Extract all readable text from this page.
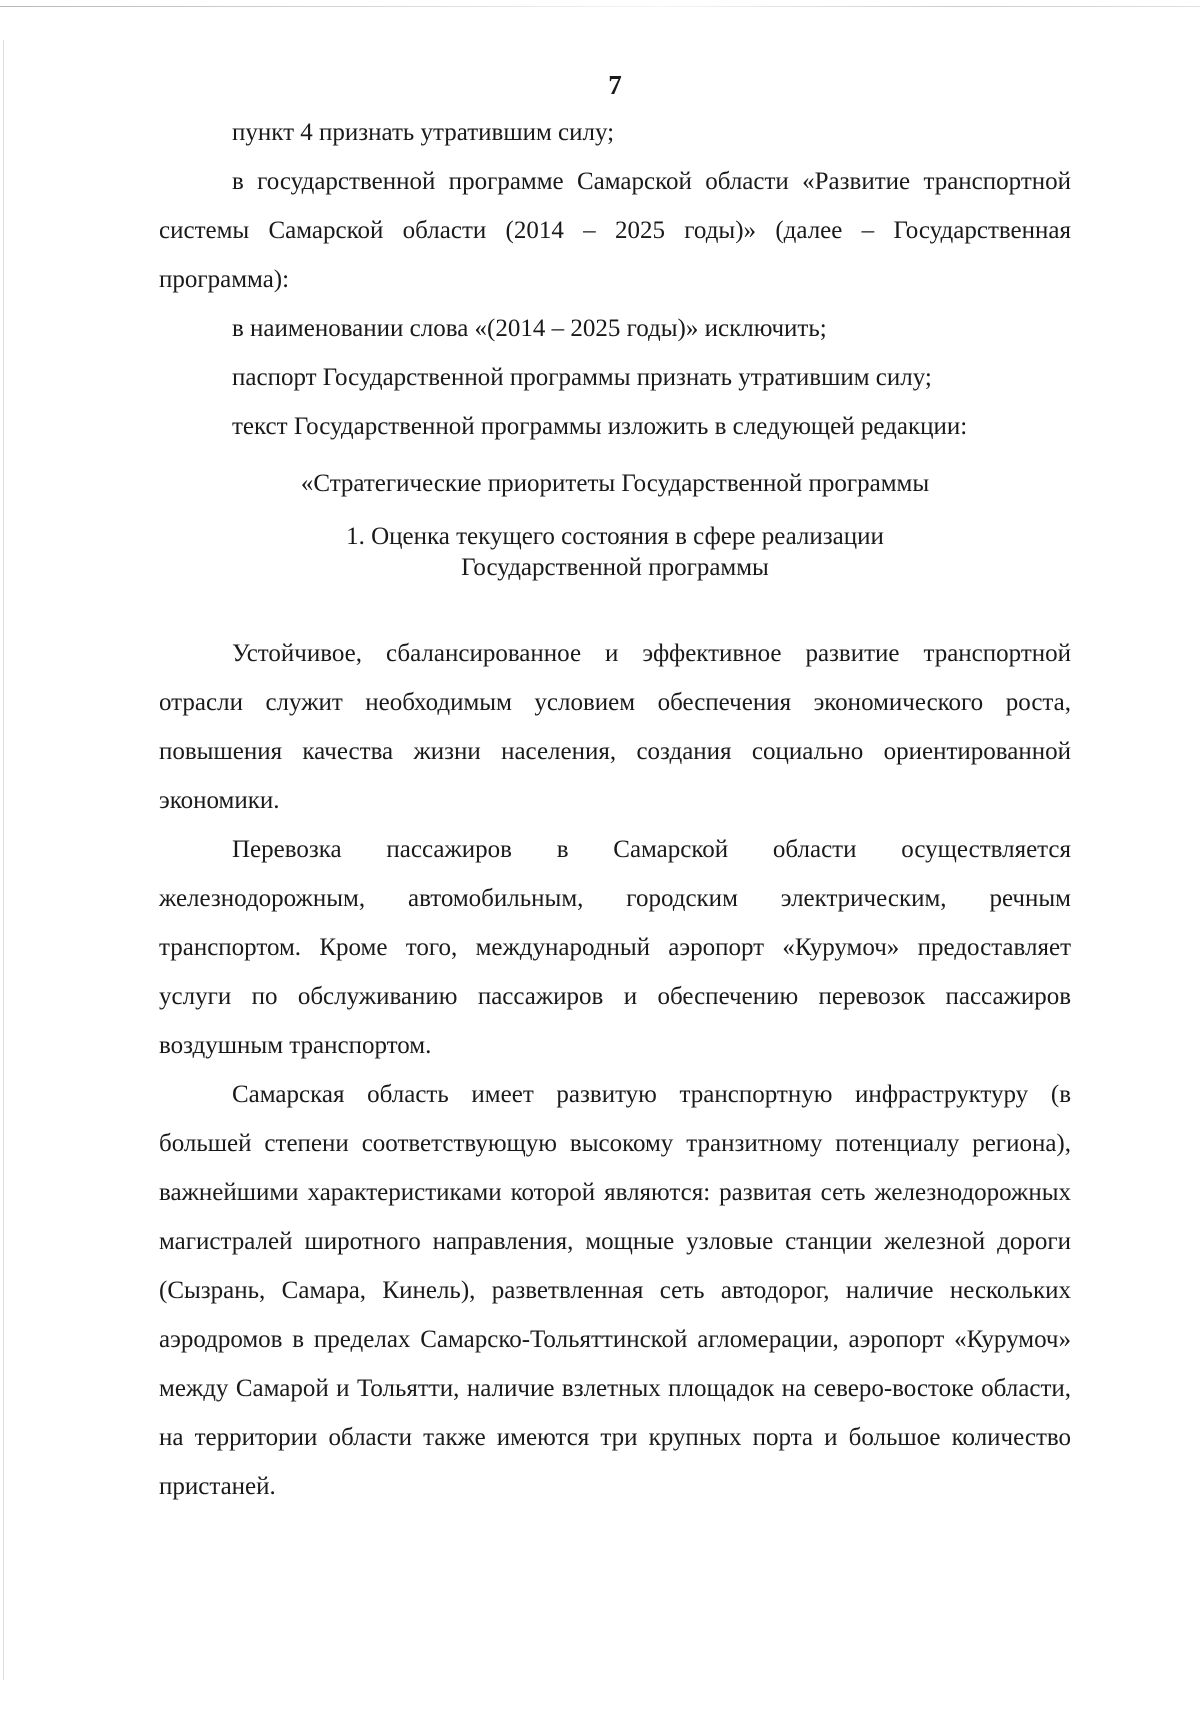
7

пункт 4 признать утратившим силу;

в государственной программе Самарской области «Развитие транспортной системы Самарской области (2014 – 2025 годы)» (далее – Государственная программа):

в наименовании слова «(2014 – 2025 годы)» исключить;

паспорт Государственной программы признать утратившим силу;

текст Государственной программы изложить в следующей редакции:

«Стратегические приоритеты Государственной программы

1. Оценка текущего состояния в сфере реализации

Государственной программы

Устойчивое, сбалансированное и эффективное развитие транспортной отрасли служит необходимым условием обеспечения экономического роста, повышения качества жизни населения, создания социально ориентированной экономики.

Перевозка пассажиров в Самарской области осуществляется железнодорожным, автомобильным, городским электрическим, речным транспортом. Кроме того, международный аэропорт «Курумоч» предоставляет услуги по обслуживанию пассажиров и обеспечению перевозок пассажиров воздушным транспортом.

Самарская область имеет развитую транспортную инфраструктуру (в большей степени соответствующую высокому транзитному потенциалу региона), важнейшими характеристиками которой являются: развитая сеть железнодорожных магистралей широтного направления, мощные узловые станции железной дороги (Сызрань, Самара, Кинель), разветвленная сеть автодорог, наличие нескольких аэродромов в пределах Самарско-Тольяттинской агломерации, аэропорт «Курумоч» между Самарой и Тольятти, наличие взлетных площадок на северо-востоке области, на территории области также имеются три крупных порта и большое количество пристаней.
